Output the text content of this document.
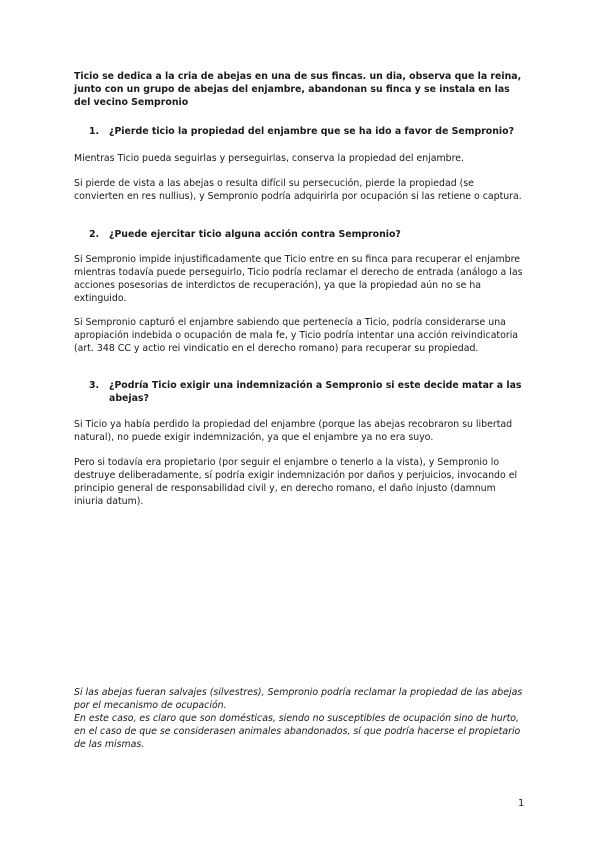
Ticio se dedica a la cria de abejas en una de sus fincas. un dia, observa que la reina, junto con un grupo de abejas del enjambre, abandonan su finca y se instala en las del vecino Sempronio

1.	¿Pierde ticio la propiedad del enjambre que se ha ido a favor de Sempronio?

Mientras Ticio pueda seguirlas y perseguirlas, conserva la propiedad del enjambre.

Si pierde de vista a las abejas o resulta difícil su persecución, pierde la propiedad (se convierten en res nullius), y Sempronio podría adquirirla por ocupación si las retiene o captura.

2.	¿Puede ejercitar ticio alguna acción contra Sempronio?

Si Sempronio impide injustificadamente que Ticio entre en su finca para recuperar el enjambre mientras todavía puede perseguirlo, Ticio podría reclamar el derecho de entrada (análogo a las acciones posesorias de interdictos de recuperación), ya que la propiedad aún no se ha extinguido.

Si Sempronio capturó el enjambre sabiendo que pertenecía a Ticio, podría considerarse una apropiación indebida o ocupación de mala fe, y Ticio podría intentar una acción reivindicatoria (art. 348 CC y actio rei vindicatio en el derecho romano) para recuperar su propiedad.

3.	¿Podría Ticio exigir una indemnización a Sempronio si este decide matar a las abejas?

Si Ticio ya había perdido la propiedad del enjambre (porque las abejas recobraron su libertad natural), no puede exigir indemnización, ya que el enjambre ya no era suyo.

Pero si todavía era propietario (por seguir el enjambre o tenerlo a la vista), y Sempronio lo destruye deliberadamente, sí podría exigir indemnización por daños y perjuicios, invocando el principio general de responsabilidad civil y, en derecho romano, el daño injusto (damnum iniuria datum).

Si las abejas fueran salvajes (silvestres), Sempronio podría reclamar la propiedad de las abejas por el mecanismo de ocupación.

En este caso, es claro que son domésticas, siendo no susceptibles de ocupación sino de hurto, en el caso de que se considerasen animales abandonados, sí que podría hacerse el propietario de las mismas.

1
